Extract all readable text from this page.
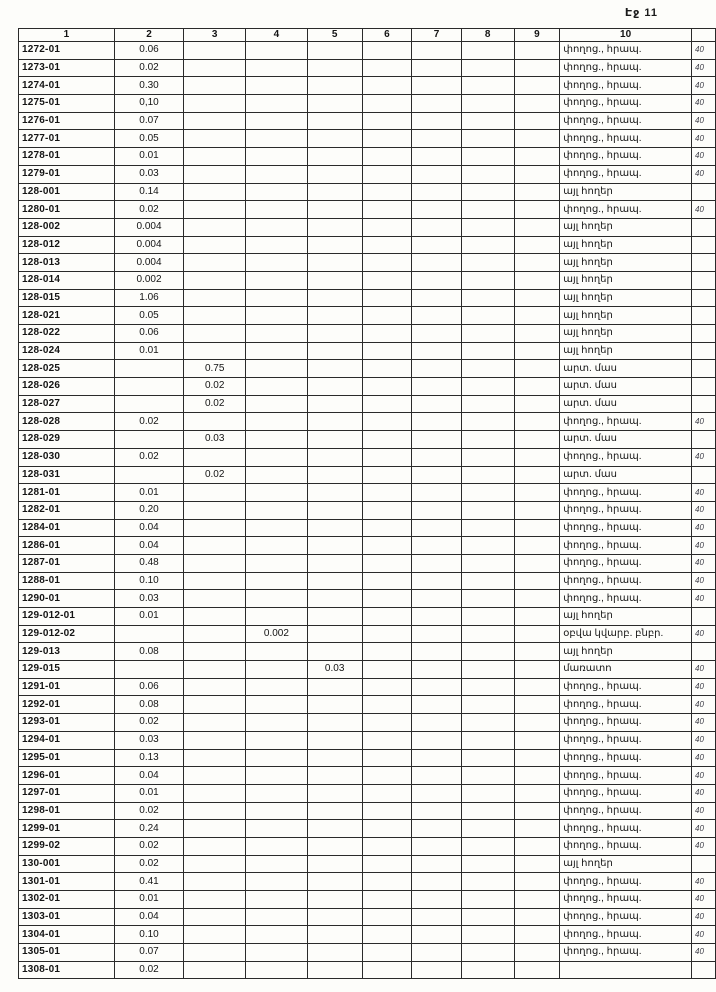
Էջ 11
1	2	3	4	5	6	7	8	9	10	
1272-01	0.06								փողոց., հրապ.	40
1273-01	0.02								փողոց., հրապ.	40
1274-01	0.30								փողոց., հրապ.	40
1275-01	0,10								փողոց., հրապ.	40
1276-01	0.07								փողոց., հրապ.	40
1277-01	0.05								փողոց., հրապ.	40
1278-01	0.01								փողոց., հրապ.	40
1279-01	0.03								փողոց., հրապ.	40
128-001	0.14								այլ հողեր	
1280-01	0.02								փողոց., հրապ.	40
128-002	0.004								այլ հողեր	
128-012	0.004								այլ հողեր	
128-013	0.004								այլ հողեր	
128-014	0.002								այլ հողեր	
128-015	1.06								այլ հողեր	
128-021	0.05								այլ հողեր	
128-022	0.06								այլ հողեր	
128-024	0.01								այլ հողեր	
128-025		0.75							արտ. մաս	
128-026		0.02							արտ. մաս	
128-027		0.02							արտ. մաս	
128-028	0.02								փողոց., հրապ.	40
128-029		0.03							արտ. մաս	
128-030	0.02								փողոց., հրապ.	40
128-031		0.02							արտ. մաս	
1281-01	0.01								փողոց., հրապ.	40
1282-01	0.20								փողոց., հրապ.	40
1284-01	0.04								փողոց., հրապ.	40
1286-01	0.04								փողոց., հրապ.	40
1287-01	0.48								փողոց., հրապ.	40
1288-01	0.10								փողոց., հրապ.	40
1290-01	0.03								փողոց., հրապ.	40
129-012-01	0.01								այլ հողեր	
129-012-02			0.002						օբվա կվարբ. բնբր.	40
129-013	0.08								այլ հողեր	
129-015				0.03					մառատո	40
1291-01	0.06								փողոց., հրապ.	40
1292-01	0.08								փողոց., հրապ.	40
1293-01	0.02								փողոց., հրապ.	40
1294-01	0.03								փողոց., հրապ.	40
1295-01	0.13								փողոց., հրապ.	40
1296-01	0.04								փողոց., հրապ.	40
1297-01	0.01								փողոց., հրապ.	40
1298-01	0.02								փողոց., հրապ.	40
1299-01	0.24								փողոց., հրապ.	40
1299-02	0.02								փողոց., հրապ.	40
130-001	0.02								այլ հողեր	
1301-01	0.41								փողոց., հրապ.	40
1302-01	0.01								փողոց., հրապ.	40
1303-01	0.04								փողոց., հրապ.	40
1304-01	0.10								փողոց., հրապ.	40
1305-01	0.07								փողոց., հրապ.	40
1308-01	0.02									
